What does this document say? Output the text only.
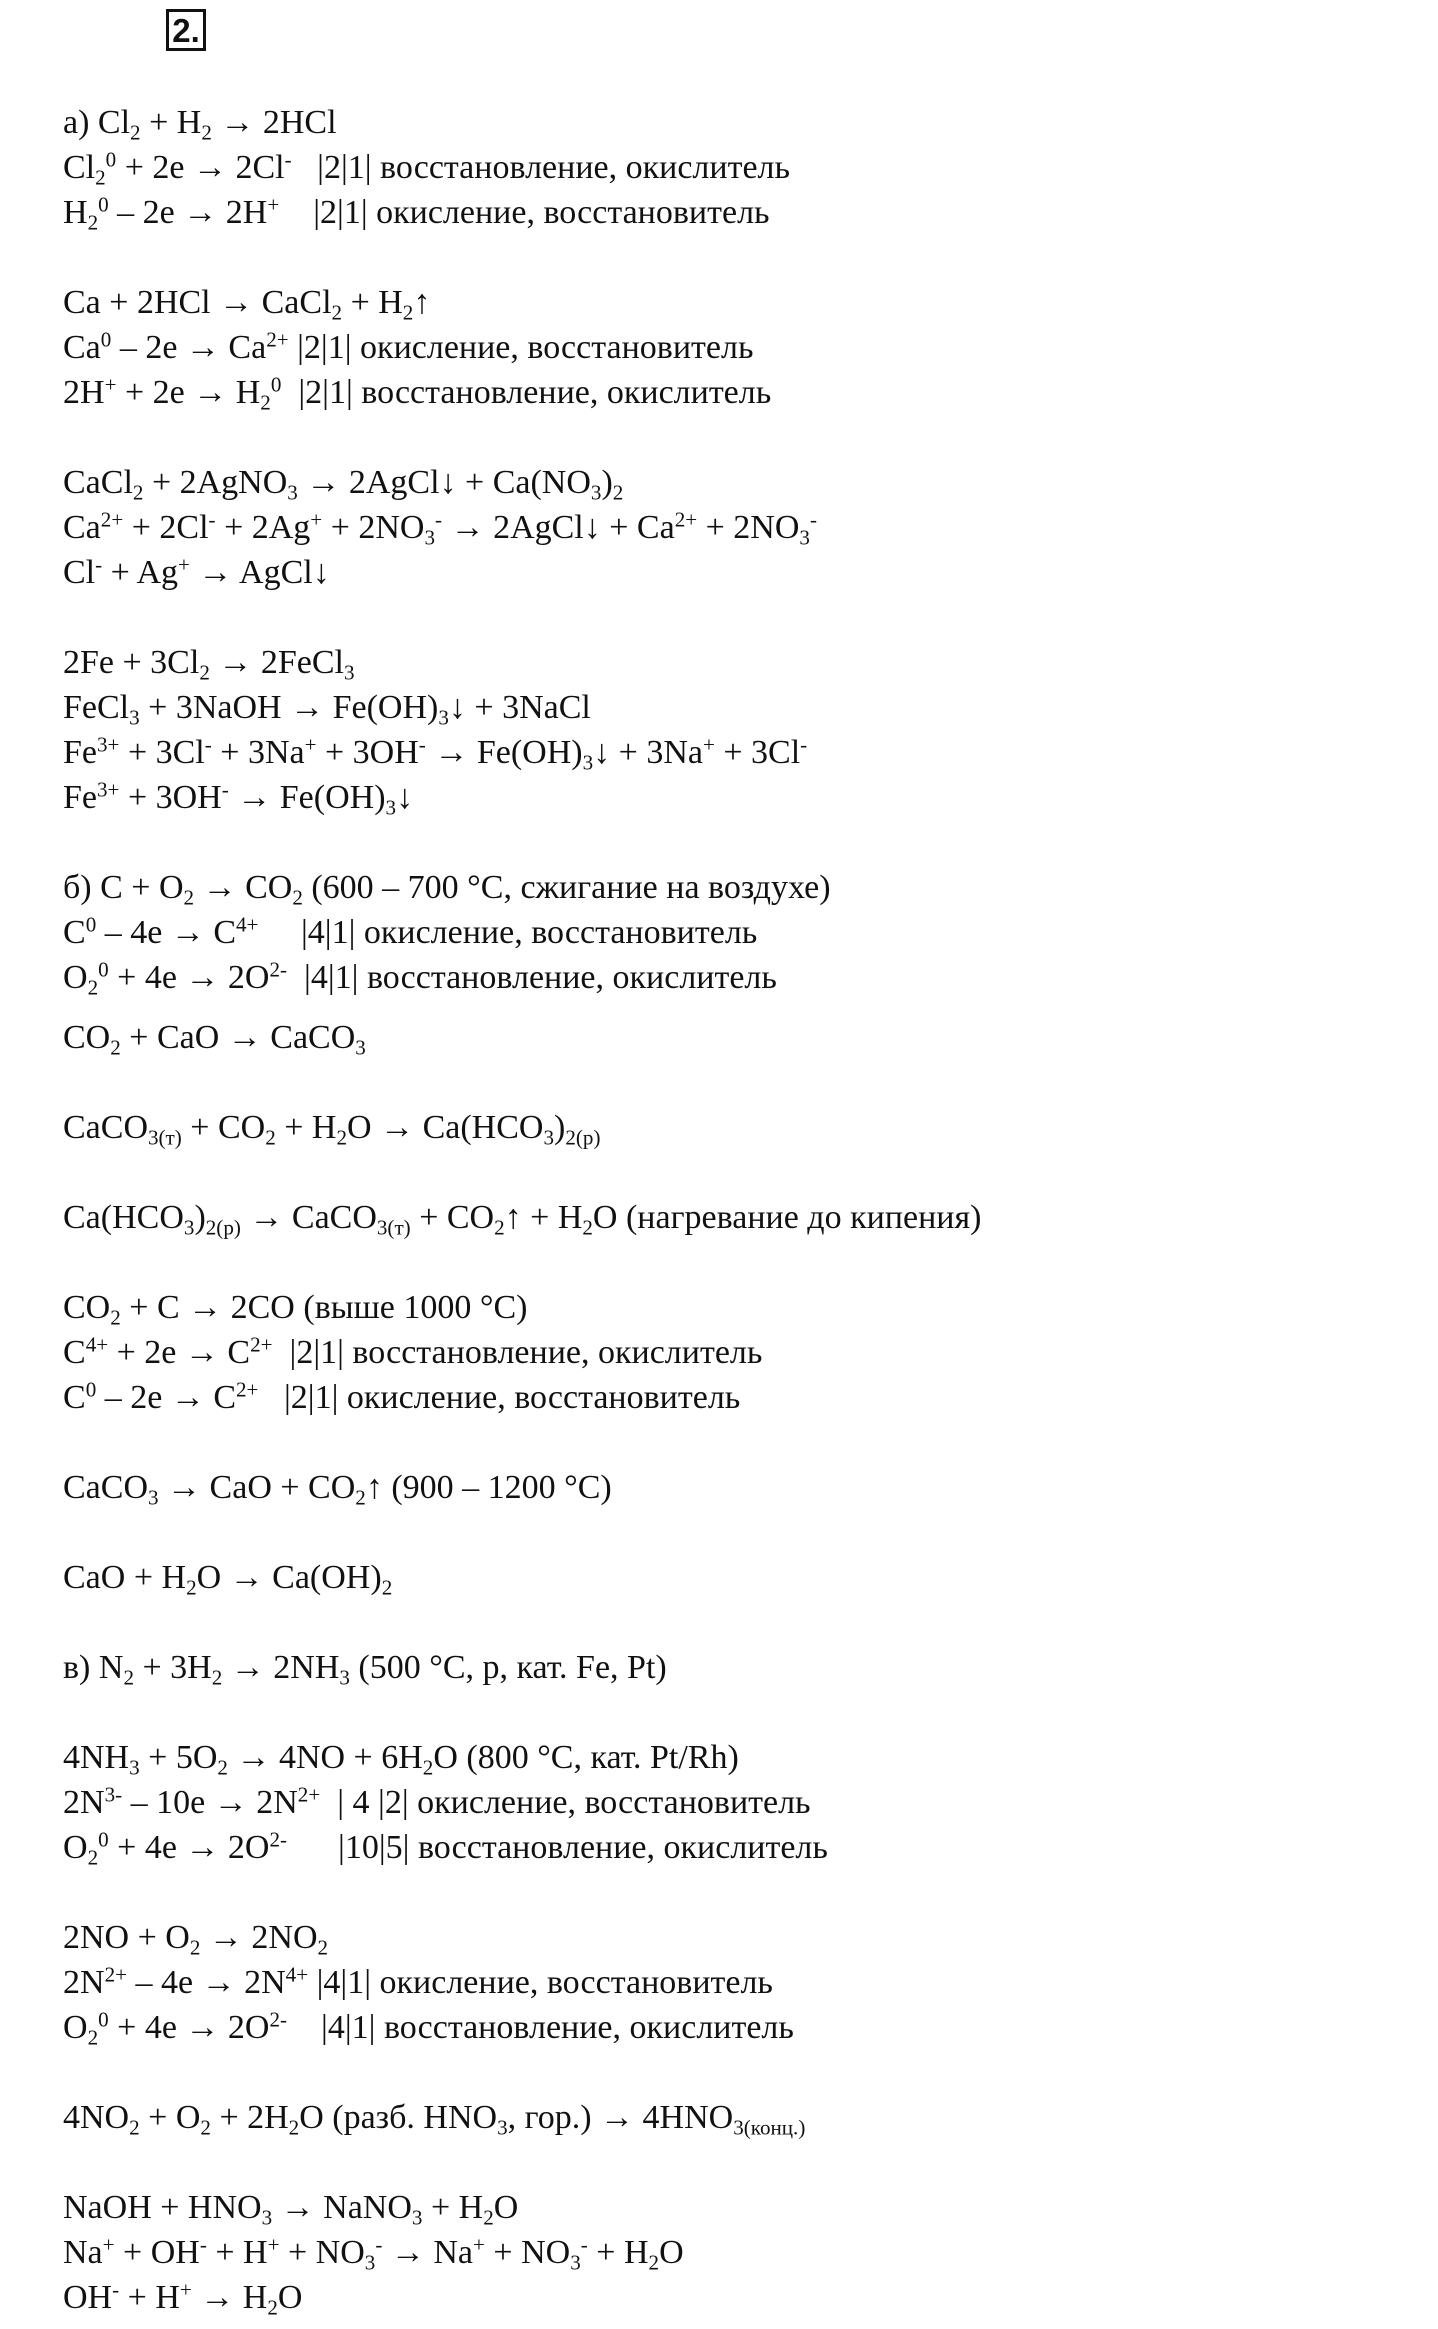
2.
а) $Cl_2 + H_2 \to 2HCl$
$Cl_2^0 + 2e \to 2Cl^-$   |2|1| восстановление, окислитель
$H_2^0 - 2e \to 2H^+$    |2|1| окисление, восстановитель
Ca + 2HCl → CaCl$_2$ + $H_2↑$
$Ca^0 - 2e \to Ca^{2+}$ |2|1| окисление, восстановитель
$2H^+ + 2e \to H_2^0$  |2|1| восстановление, окислитель
CaCl$_2$ + 2AgNO$_3$ → 2AgCl↓ + $Ca(NO_3)_2$
$Ca^{2+} + 2Cl^- + 2Ag^+ + 2NO_3^-$ → 2AgCl↓ + $Ca^{2+} + 2NO_3^-$
Cl- + Ag+ → AgCl↓
$2Fe + 3Cl_2$ → 2FeCl$_3$
FeCl$_3$ + 3NaOH → $Fe(OH)_3↓$ + 3NaCl
$Fe^{3+} + 3Cl^- + 3Na^+ + 3OH^-$ → $Fe(OH)_3↓ + 3Na^+ + 3Cl^-$
$Fe^{3+} + 3OH^-$ → $Fe(OH)_3↓$
б) $C + O_2 \to CO_2$ (600 – 700 °C, сжигание на воздухе)
$C^0 - 4e \to C^{4+}$     |4|1| окисление, восстановитель
$O_2^0 + 4e \to 2O^{2-}$  |4|1| восстановление, окислитель
$CO_2$ + CaO → CaCO$_3$
CaCO$_{3(т)}$ + $CO_2 + H_2O \to Ca(HCO_3)_{2(р)}$
$Ca(HCO_3)_{2(р)}$ → CaCO$_{3(т)}$ + $CO_2↑ + H_2O$ (нагревание до кипения)
$CO_2 + C \to 2CO$ (выше 1000 °C)
$C^{4+} + 2e \to C^{2+}$  |2|1| восстановление, окислитель
$C^0 - 2e \to C^{2+}$   |2|1| окисление, восстановитель
CaCO$_3$ → CaO + $CO_2↑$ (900 – 1200 °C)
CaO + $H_2O \to Ca(OH)_2$
в) $N_2 + 3H_2 \to 2NH_3$ (500 °C, p, кат. Fe, Pt)
$4NH_3 + 5O_2 \to 4NO + 6H_2O$ (800 °C, кат. Pt/Rh)
$2N^{3-} - 10e \to 2N^{2+}$  | 4 |2| окисление, восстановитель
$O_2^0 + 4e \to 2O^{2-}$      |10|5| восстановление, окислитель
$2NO + O_2 \to 2NO_2$
$2N^{2+} - 4e \to 2N^{4+}$ |4|1| окисление, восстановитель
$O_2^0 + 4e \to 2O^{2-}$    |4|1| восстановление, окислитель
$4NO_2 + O_2 + 2H_2O$ (разб. $HNO_3$, $гор.) \to 4HNO_{3(конц.)}$
NaOH + $HNO_3$ → NaNO$_3$ + $H_2O$
$Na^+ + OH^- + H^+ + NO_3^- \to Na^+ + NO_3^- + H_2O$
$OH^- + H^+ \to H_2O$
